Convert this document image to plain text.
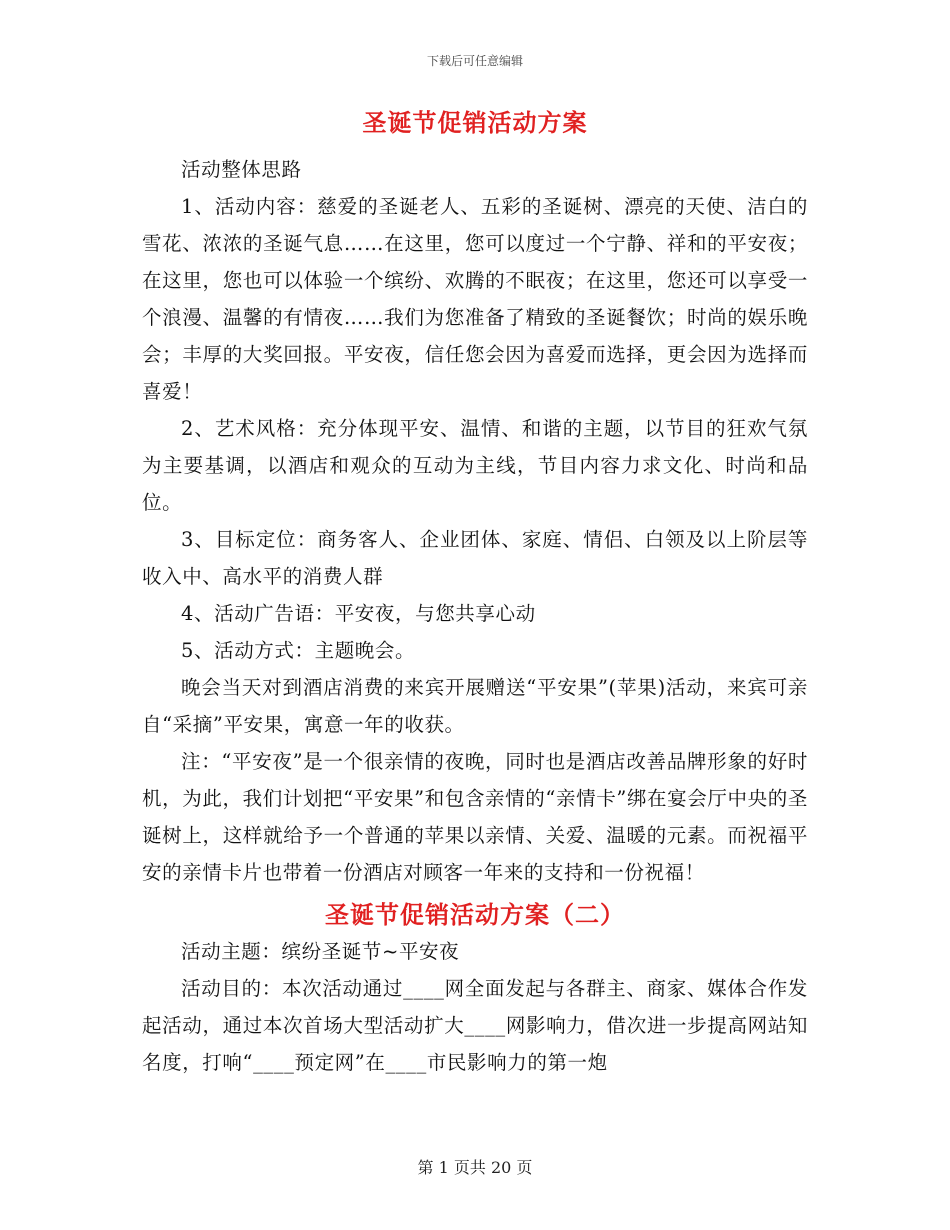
下载后可任意编辑
圣诞节促销活动方案

活动整体思路

1、活动内容：慈爱的圣诞老人、五彩的圣诞树、漂亮的天使、洁白的雪花、浓浓的圣诞气息……在这里，您可以度过一个宁静、祥和的平安夜；在这里，您也可以体验一个缤纷、欢腾的不眠夜；在这里，您还可以享受一个浪漫、温馨的有情夜……我们为您准备了精致的圣诞餐饮；时尚的娱乐晚会；丰厚的大奖回报。平安夜，信任您会因为喜爱而选择，更会因为选择而喜爱！

2、艺术风格：充分体现平安、温情、和谐的主题，以节目的狂欢气氛为主要基调，以酒店和观众的互动为主线，节目内容力求文化、时尚和品位。

3、目标定位：商务客人、企业团体、家庭、情侣、白领及以上阶层等收入中、高水平的消费人群

4、活动广告语：平安夜，与您共享心动

5、活动方式：主题晚会。

晚会当天对到酒店消费的来宾开展赠送“平安果”(苹果)活动，来宾可亲自“采摘”平安果，寓意一年的收获。

注：“平安夜”是一个很亲情的夜晚，同时也是酒店改善品牌形象的好时机，为此，我们计划把“平安果”和包含亲情的“亲情卡”绑在宴会厅中央的圣诞树上，这样就给予一个普通的苹果以亲情、关爱、温暖的元素。而祝福平安的亲情卡片也带着一份酒店对顾客一年来的支持和一份祝福！

圣诞节促销活动方案（二）

活动主题：缤纷圣诞节~平安夜

活动目的：本次活动通过____网全面发起与各群主、商家、媒体合作发起活动，通过本次首场大型活动扩大____网影响力，借次进一步提高网站知名度，打响“____预定网”在____市民影响力的第一炮

第 1 页共 20 页
